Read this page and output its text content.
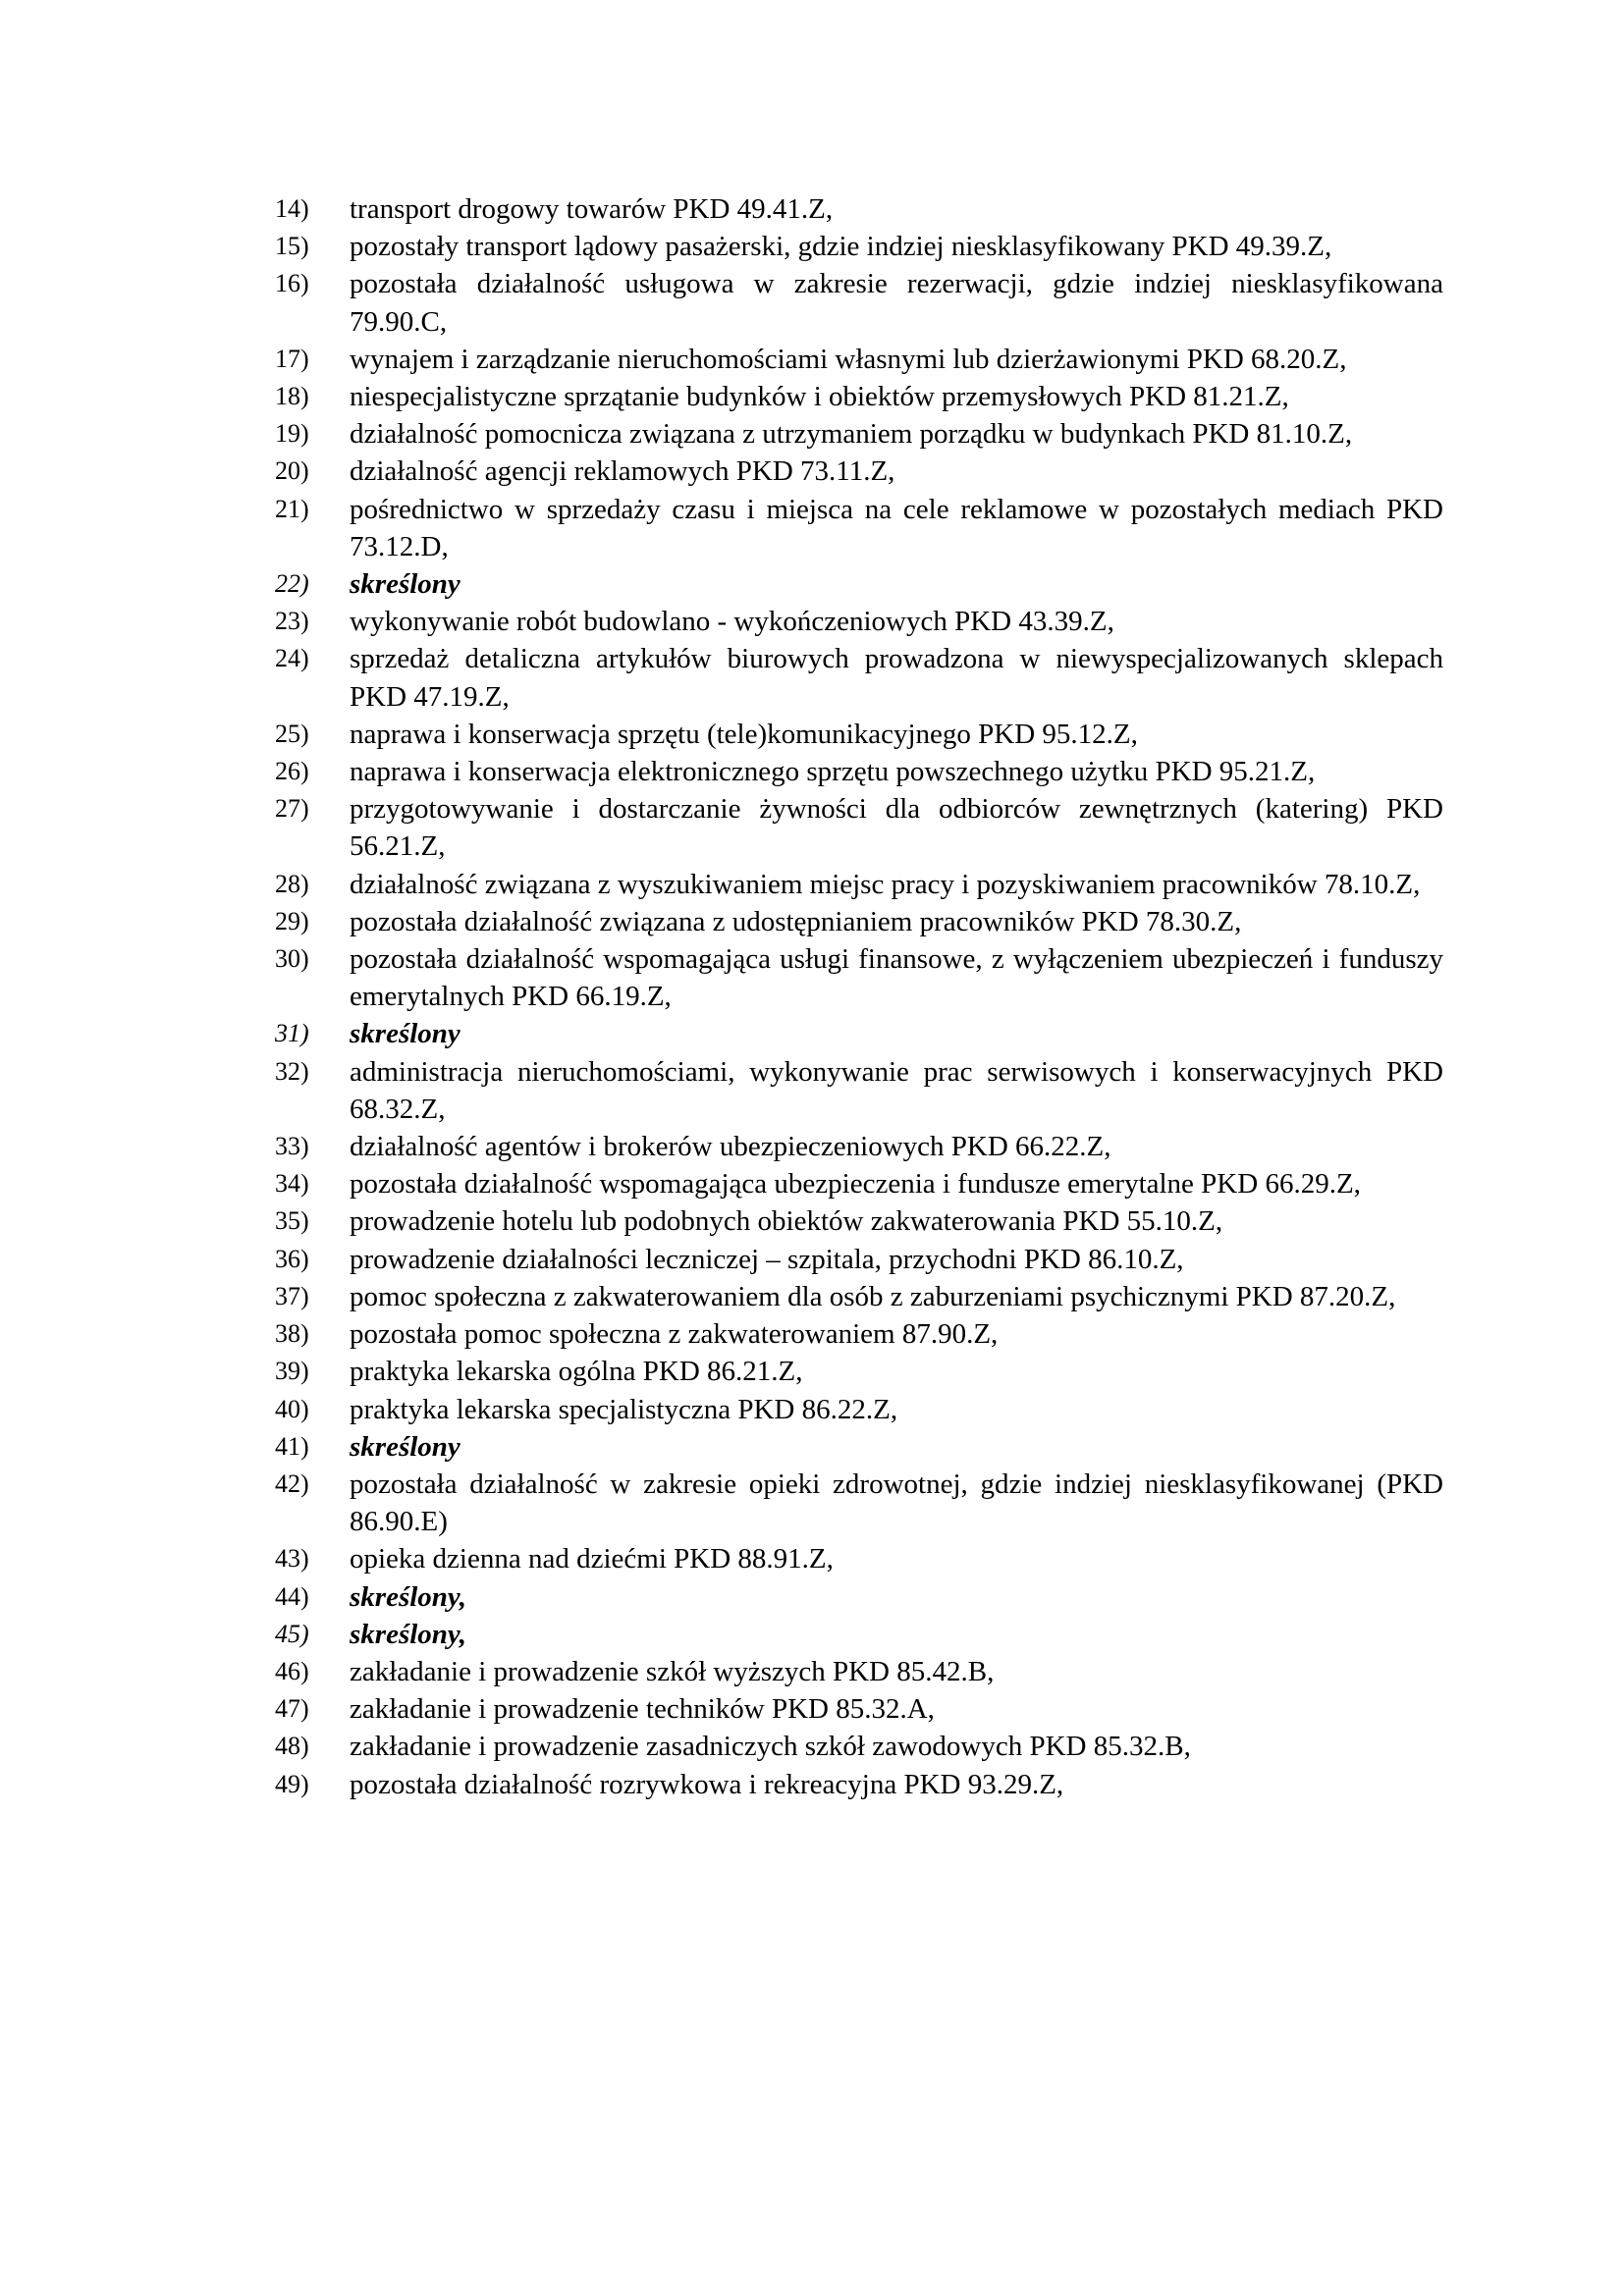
14)	transport drogowy towarów PKD 49.41.Z,
15)	pozostały transport lądowy pasażerski, gdzie indziej niesklasyfikowany PKD 49.39.Z,
16)	pozostała działalność usługowa w zakresie rezerwacji, gdzie indziej niesklasyfikowana 79.90.C,
17)	wynajem i zarządzanie nieruchomościami własnymi lub dzierżawionymi PKD 68.20.Z,
18)	niespecjalistyczne sprzątanie budynków i obiektów przemysłowych PKD 81.21.Z,
19)	działalność pomocnicza związana z utrzymaniem porządku w budynkach PKD 81.10.Z,
20)	działalność agencji reklamowych PKD 73.11.Z,
21)	pośrednictwo w sprzedaży czasu i miejsca na cele reklamowe w pozostałych mediach PKD 73.12.D,
22)	skreślony
23)	wykonywanie robót budowlano - wykończeniowych PKD 43.39.Z,
24)	sprzedaż detaliczna artykułów biurowych prowadzona w niewyspecjalizowanych sklepach PKD 47.19.Z,
25)	naprawa i konserwacja sprzętu (tele)komunikacyjnego PKD 95.12.Z,
26)	naprawa i konserwacja elektronicznego sprzętu powszechnego użytku PKD 95.21.Z,
27)	przygotowywanie i dostarczanie żywności dla odbiorców zewnętrznych (katering) PKD 56.21.Z,
28)	działalność związana z wyszukiwaniem miejsc pracy i pozyskiwaniem pracowników 78.10.Z,
29)	pozostała działalność związana z udostępnianiem pracowników PKD 78.30.Z,
30)	pozostała działalność wspomagająca usługi finansowe, z wyłączeniem ubezpieczeń i funduszy emerytalnych PKD 66.19.Z,
31)	skreślony
32)	administracja nieruchomościami, wykonywanie prac serwisowych i konserwacyjnych PKD 68.32.Z,
33)	działalność agentów i brokerów ubezpieczeniowych PKD 66.22.Z,
34)	pozostała działalność wspomagająca ubezpieczenia i fundusze emerytalne PKD 66.29.Z,
35)	prowadzenie hotelu lub podobnych obiektów zakwaterowania PKD 55.10.Z,
36)	prowadzenie działalności leczniczej – szpitala, przychodni PKD 86.10.Z,
37)	pomoc społeczna z zakwaterowaniem dla osób z zaburzeniami psychicznymi PKD 87.20.Z,
38)	pozostała pomoc społeczna z zakwaterowaniem 87.90.Z,
39)	praktyka lekarska ogólna PKD 86.21.Z,
40)	praktyka lekarska specjalistyczna PKD 86.22.Z,
41)	skreślony
42)	pozostała działalność w zakresie opieki zdrowotnej, gdzie indziej niesklasyfikowanej (PKD 86.90.E)
43)	opieka dzienna nad dziećmi PKD 88.91.Z,
44)	skreślony,
45)	skreślony,
46)	zakładanie i prowadzenie szkół wyższych PKD 85.42.B,
47)	zakładanie i prowadzenie techników PKD 85.32.A,
48)	zakładanie i prowadzenie zasadniczych szkół zawodowych PKD 85.32.B,
49)	pozostała działalność rozrywkowa i rekreacyjna PKD 93.29.Z,
